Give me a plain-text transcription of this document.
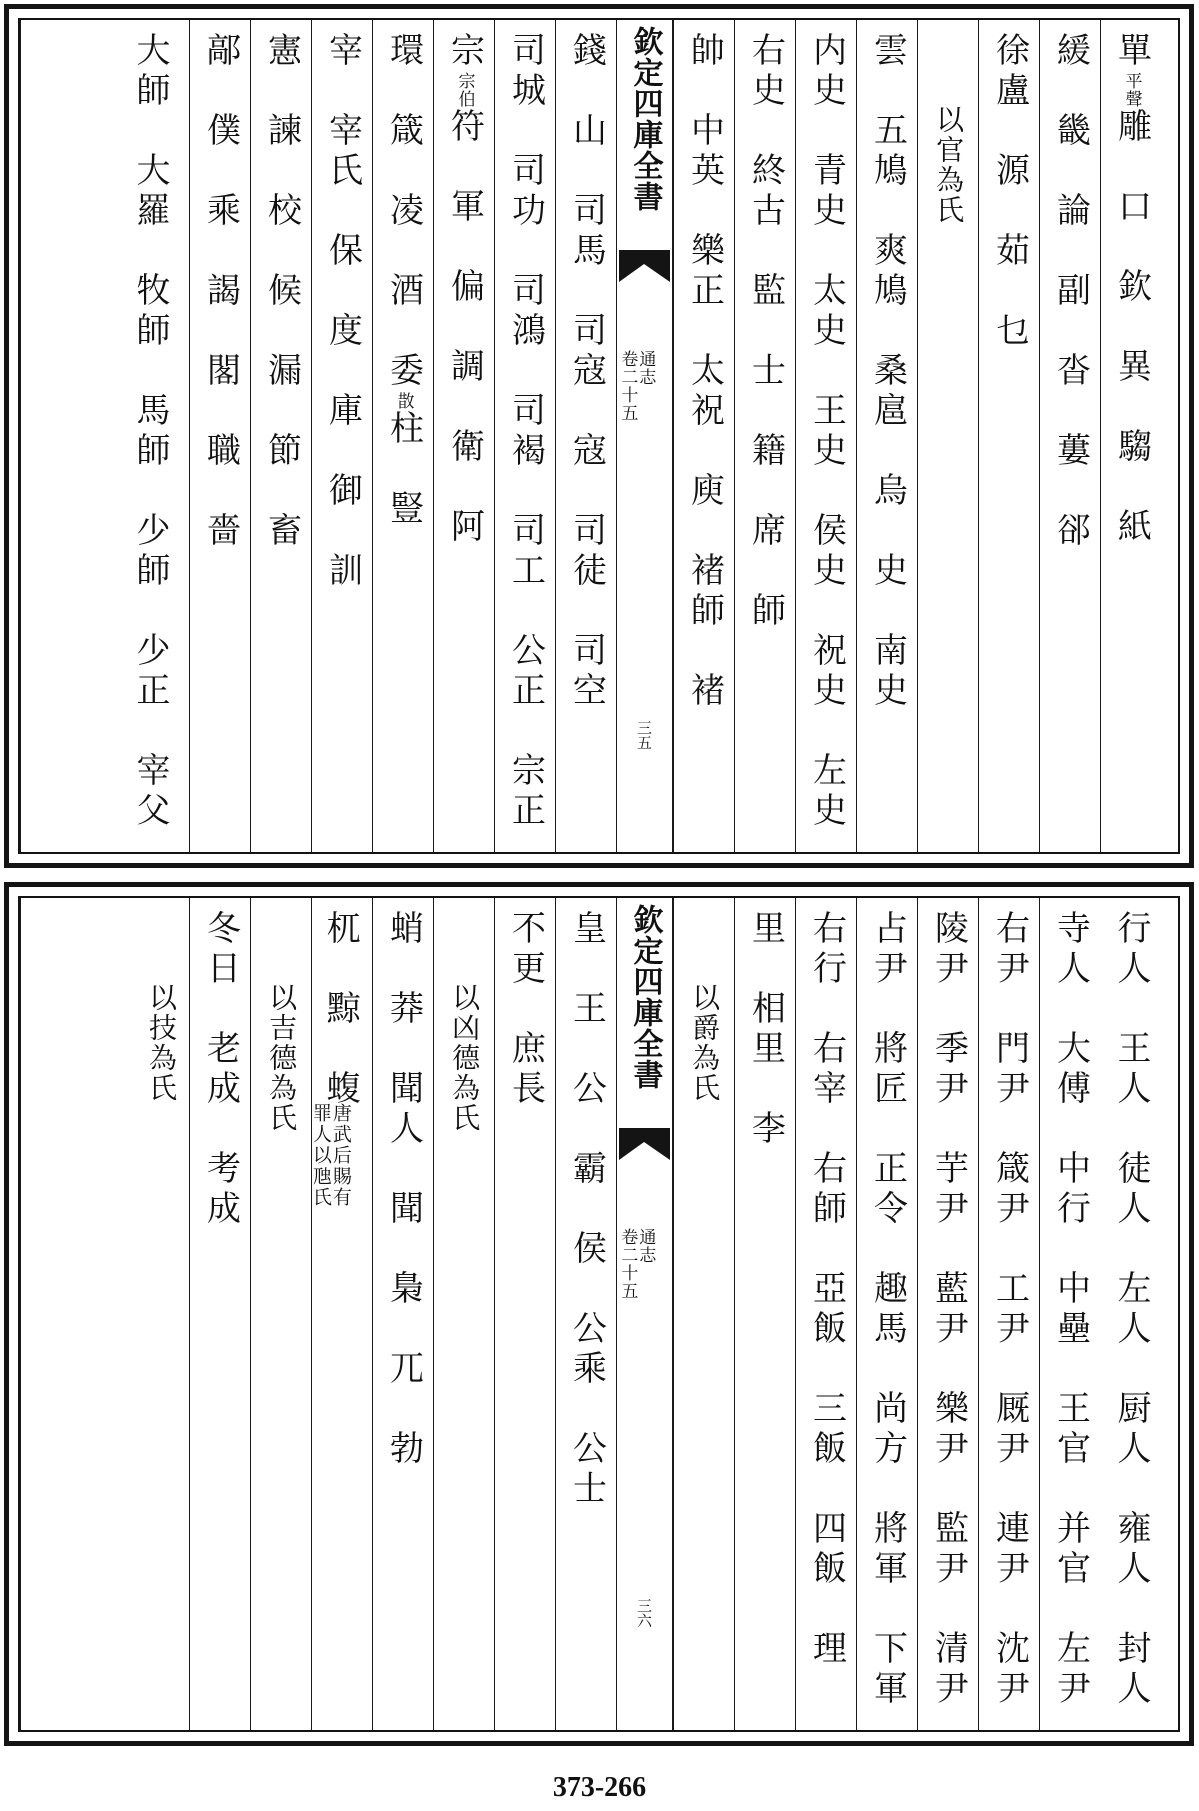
單平聲雕　口　欽　異　騶　紙
緩　畿　論　副　沓　蔞　郤
徐盧　源　茹　乜
以官為氏
雲　五鳩　爽鳩　桑扈　烏　史　南史
内史　青史　太史　王史　侯史　祝史　左史
右史　終古　監　士　籍　席　師
帥　中英　樂正　太祝　庾　褚師　褚
欽定四庫全書
通志
卷二十五
三五
錢　山　司馬　司寇　寇　司徒　司空
司城　司功　司鴻　司褐　司工　公正　宗正
宗宗伯符　軍　偏　調　衛　阿
環　箴　凌　酒　委㪚柱　豎
宰　宰氏　保　度　庫　御　訓
憲　諫　校　候　漏　節　畜
鄗　僕　乘　謁　閣　職　嗇
大師　大羅　牧師　馬師　少師　少正　宰父
行人　王人　徒人　左人　厨人　雍人　封人
寺人　大傅　中行　中壘　王官　并官　左尹
右尹　門尹　箴尹　工尹　厩尹　連尹　沈尹
陵尹　季尹　芋尹　藍尹　樂尹　監尹　清尹
占尹　將匠　正令　趣馬　尚方　將軍　下軍
右行　右宰　右師　亞飯　三飯　四飯　理
里　相里　李
以爵為氏
欽定四庫全書
通志
卷二十五
三六
皇　王　公　霸　侯　公乘　公士
不更　庶長
以凶德為氏
蛸　莽　聞人　聞　梟　兀　勃
杌　黥　蝮
唐武后賜有
罪人以虺氏
以吉德為氏
冬日　老成　考成
以技為氏
373-266
